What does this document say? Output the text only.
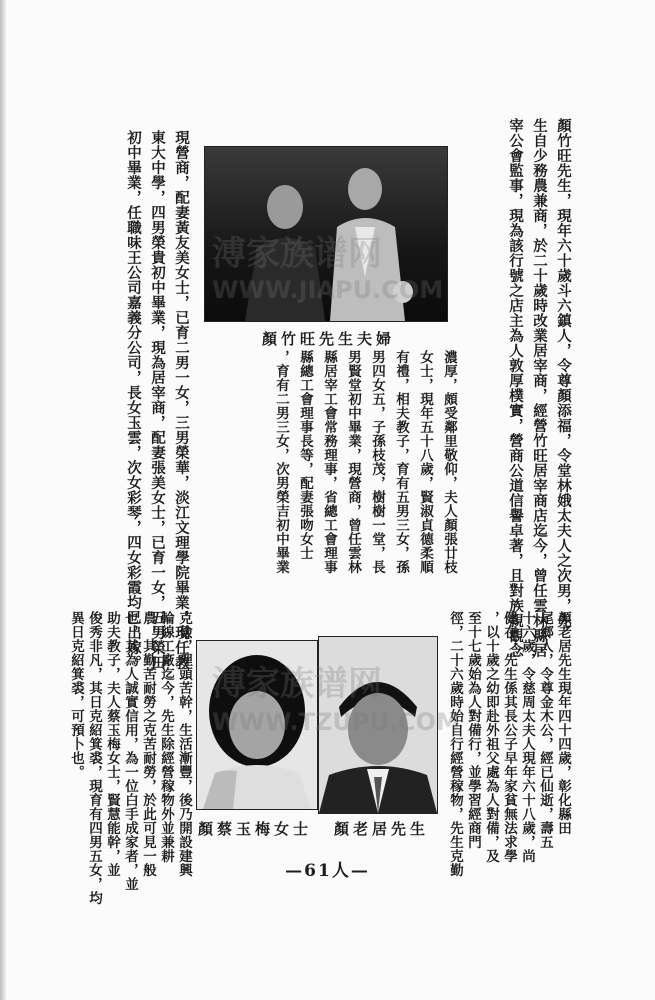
顏竹旺先生，現年六十歲斗六鎮人，令尊顏添福，令堂林娥太夫人之次男，先
生自少務農兼商，於二十歲時改業居宰商，經營竹旺居宰商店迄今，曾任雲林縣居
宰公會監事，現為該行號之店主為人敦厚樸實，營商公道信譽卓著，且對族親觀念
顏竹旺先生夫婦
濃厚，頗受鄰里敬仰，夫人顏張廿枝
女士，現年五十八歲，賢淑貞德柔順
有禮，相夫教子，育有五男三女，孫
男四女五，子孫枝茂，樹樹一堂，長
男賢堂初中畢業，現營商，曾任雲林
縣居宰工會常務理事，省總工會理事
縣總工會理事長等，配妻張吻女士
，育有二男三女，次男榮吉初中畢業
現營商，配妻黃友美女士，已育二男一女，三男榮華，淡江文理學院畢業，現任教
東大中學，四男榮貴初中畢業，現為居宰商，配妻張美女士，已育一女，五男榮田
初中畢業，任職味王公司嘉義分公司，長女玉雲，次女彩琴，四女彩霞均已出嫁。
顏老居先生現年四十四歲，彰化縣田
尾鄉人，令尊金木公，經已仙逝，壽五
十六歲，令慈周太夫人現年六十八歲，尚
健在，先生係其長公子早年家貧無法求學
，以十歲之幼即赴外祖父處為人對備，及
至十七歲始為人對備行，並學習經商門
徑，二十六歲時始自行經營稼物，先生克勤
顏老居先生
顏蔡玉梅女士
克儉，理頭苦幹，生活漸豐，後乃開設建興
輪線工廠迄今，先生除經營稼物外並兼耕
農，其勤苦耐勞之克苦耐勞，於此可見一般
也，其為人誠實信用，為一位白手成家者，並
助夫教子，夫人蔡玉梅女士，賢慧能幹，並
俊秀非凡，其日克紹箕裘，現育有四男五女，均
異日克紹箕裘，可預卜也。
溥家族谱网
WWW.JIAPU.COM
溥家族谱网
WWW.TZUPU.COM
—61人—
